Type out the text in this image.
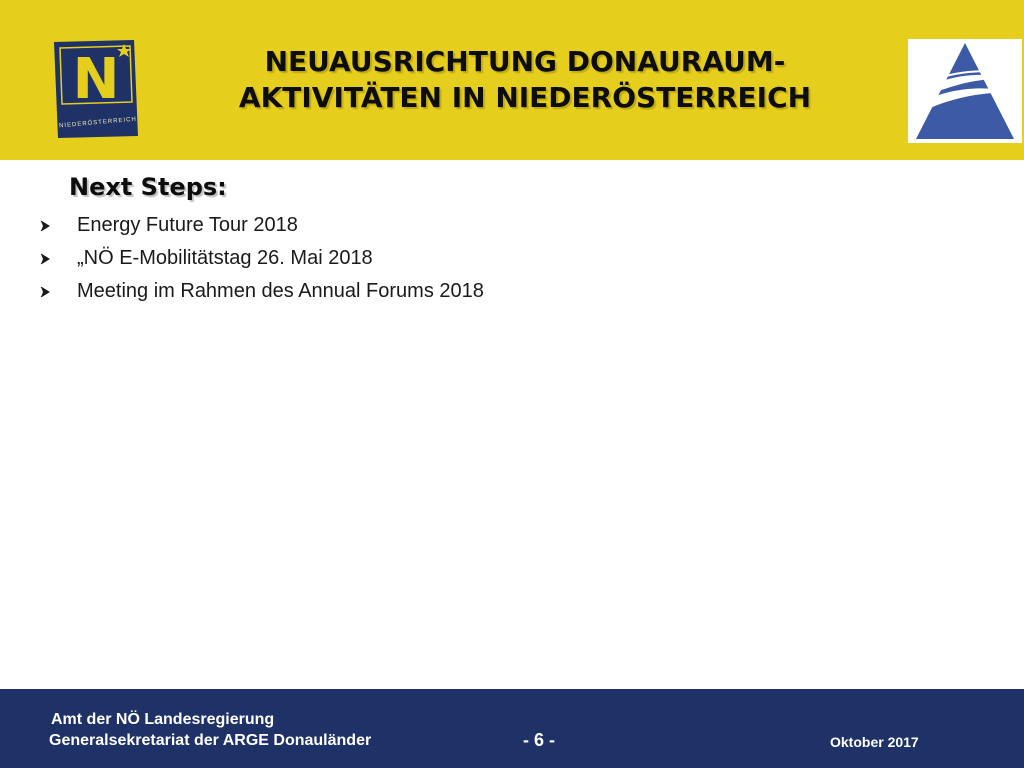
N
NIEDERÖSTERREICH
NEUAUSRICHTUNG DONAURAUM-
AKTIVITÄTEN IN NIEDERÖSTERREICH
Next Steps:
Energy Future Tour 2018
„NÖ E-Mobilitätstag 26. Mai 2018
Meeting im Rahmen des Annual Forums 2018
Amt der NÖ Landesregierung
Generalsekretariat der ARGE Donauländer	- 6 -	Oktober 2017
